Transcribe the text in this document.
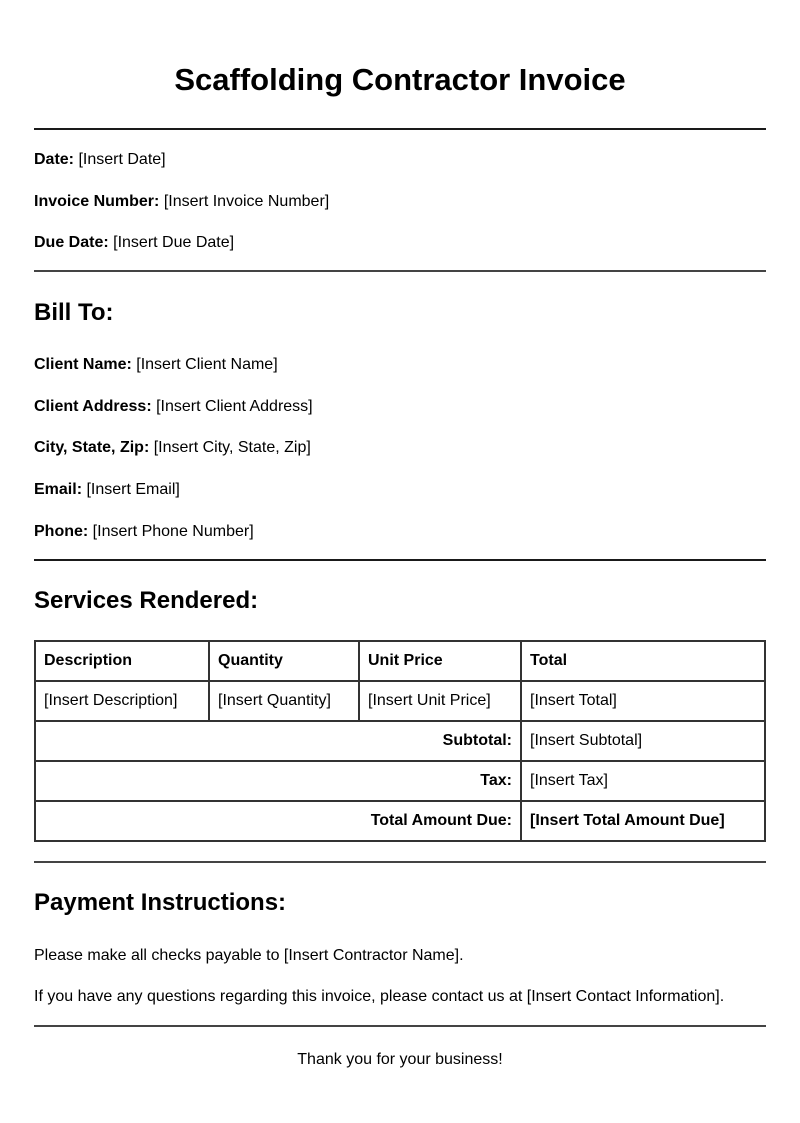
Scaffolding Contractor Invoice
Date: [Insert Date]
Invoice Number: [Insert Invoice Number]
Due Date: [Insert Due Date]
Bill To:
Client Name: [Insert Client Name]
Client Address: [Insert Client Address]
City, State, Zip: [Insert City, State, Zip]
Email: [Insert Email]
Phone: [Insert Phone Number]
Services Rendered:
Description	Quantity	Unit Price	Total
[Insert Description]	[Insert Quantity]	[Insert Unit Price]	[Insert Total]
Subtotal:			[Insert Subtotal]
Tax:			[Insert Tax]
Total Amount Due:			[Insert Total Amount Due]
Payment Instructions:
Please make all checks payable to [Insert Contractor Name].
If you have any questions regarding this invoice, please contact us at [Insert Contact Information].
Thank you for your business!
